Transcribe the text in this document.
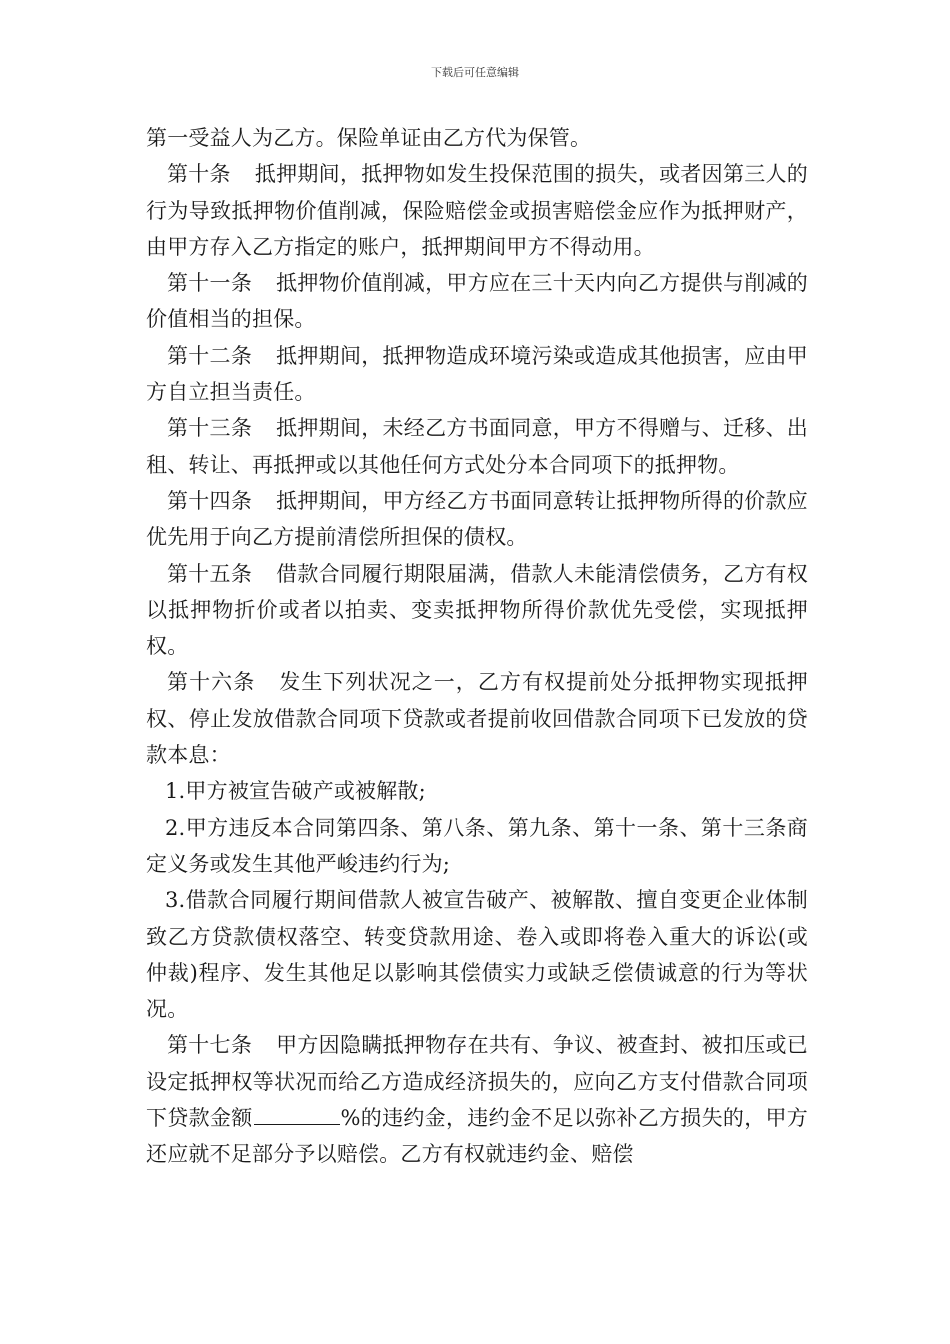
下载后可任意编辑

第一受益人为乙方。保险单证由乙方代为保管。

第十条 抵押期间，抵押物如发生投保范围的损失，或者因第三人的行为导致抵押物价值削减，保险赔偿金或损害赔偿金应作为抵押财产，由甲方存入乙方指定的账户，抵押期间甲方不得动用。

第十一条 抵押物价值削减，甲方应在三十天内向乙方提供与削减的价值相当的担保。

第十二条 抵押期间，抵押物造成环境污染或造成其他损害，应由甲方自立担当责任。

第十三条 抵押期间，未经乙方书面同意，甲方不得赠与、迁移、出租、转让、再抵押或以其他任何方式处分本合同项下的抵押物。

第十四条 抵押期间，甲方经乙方书面同意转让抵押物所得的价款应优先用于向乙方提前清偿所担保的债权。

第十五条 借款合同履行期限届满，借款人未能清偿债务，乙方有权以抵押物折价或者以拍卖、变卖抵押物所得价款优先受偿，实现抵押权。

第十六条 发生下列状况之一，乙方有权提前处分抵押物实现抵押权、停止发放借款合同项下贷款或者提前收回借款合同项下已发放的贷款本息：

1.甲方被宣告破产或被解散;

2.甲方违反本合同第四条、第八条、第九条、第十一条、第十三条商定义务或发生其他严峻违约行为;

3.借款合同履行期间借款人被宣告破产、被解散、擅自变更企业体制致乙方贷款债权落空、转变贷款用途、卷入或即将卷入重大的诉讼(或仲裁)程序、发生其他足以影响其偿债实力或缺乏偿债诚意的行为等状况。

第十七条 甲方因隐瞒抵押物存在共有、争议、被查封、被扣压或已设定抵押权等状况而给乙方造成经济损失的，应向乙方支付借款合同项下贷款金额	%的违约金，违约金不足以弥补乙方损失的，甲方还应就不足部分予以赔偿。乙方有权就违约金、赔偿
